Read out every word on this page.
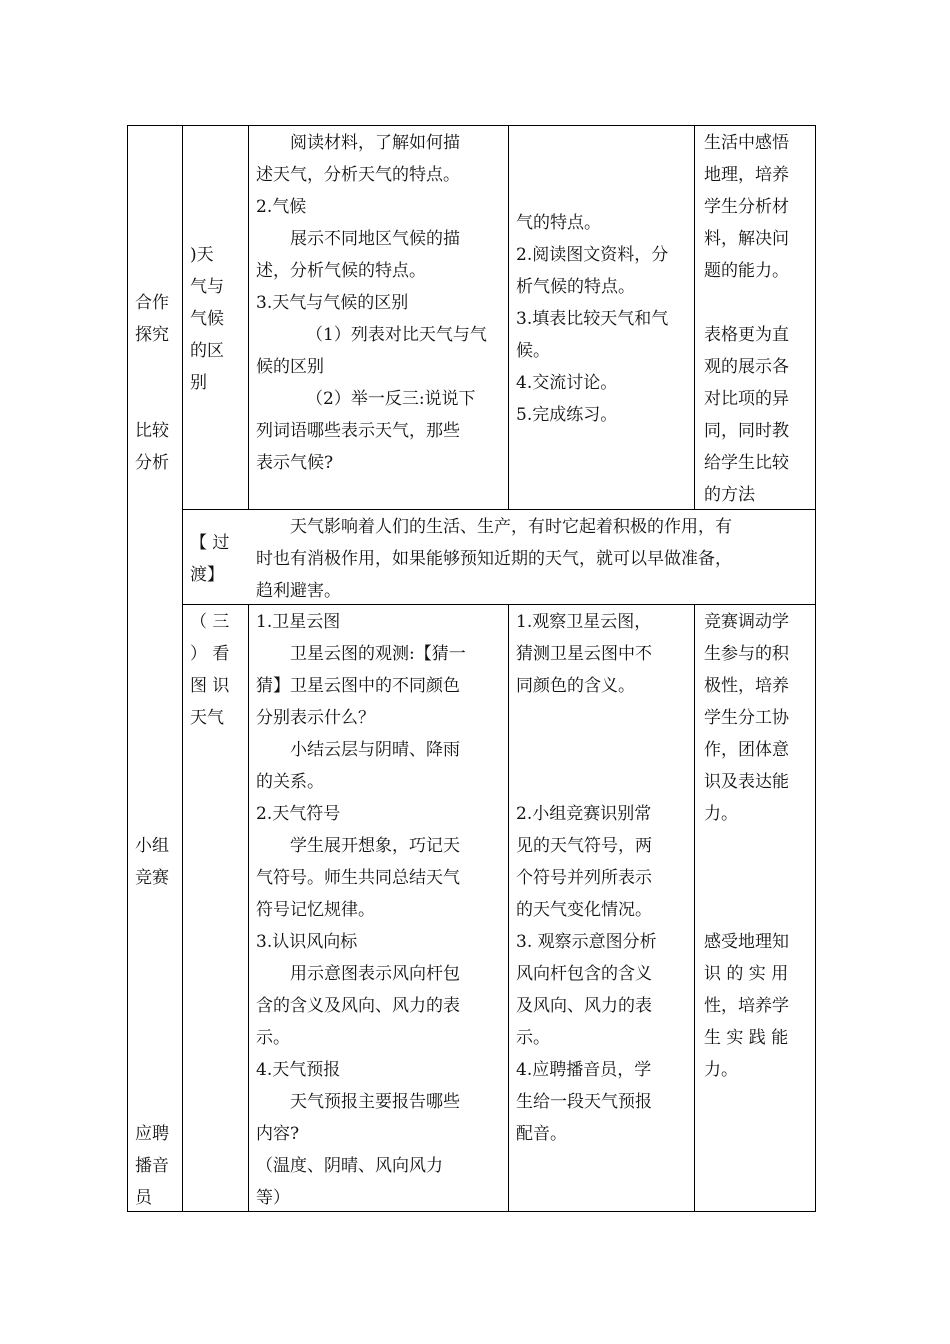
合作

探究

比较

分析

小组

竞赛

应聘

播音

员

)天

气与

气候

的区

别

阅读材料，了解如何描

述天气，分析天气的特点。

2.气候

展示不同地区气候的描

述，分析气候的特点。

3.天气与气候的区别

（1）列表对比天气与气

候的区别

（2）举一反三:说说下

列词语哪些表示天气，那些

表示气候?

气的特点。

2.阅读图文资料，分

析气候的特点。

3.填表比较天气和气

候。

4.交流讨论。

5.完成练习。

生活中感悟

地理，培养

学生分析材

料，解决问

题的能力。

表格更为直

观的展示各

对比项的异

同，同时教

给学生比较

的方法

【 过

渡】

天气影响着人们的生活、生产，有时它起着积极的作用，有

时也有消极作用，如果能够预知近期的天气，就可以早做准备，

趋利避害。

（ 三

） 看

图 识

天气

1.卫星云图

卫星云图的观测:【猜一

猜】卫星云图中的不同颜色

分别表示什么？

小结云层与阴晴、降雨

的关系。

2.天气符号

学生展开想象，巧记天

气符号。师生共同总结天气

符号记忆规律。

3.认识风向标

用示意图表示风向杆包

含的含义及风向、风力的表

示。

4.天气预报

天气预报主要报告哪些

内容?

（温度、阴晴、风向风力

等）

1.观察卫星云图，

猜测卫星云图中不

同颜色的含义。

2.小组竞赛识别常

见的天气符号，两

个符号并列所表示

的天气变化情况。

3. 观察示意图分析

风向杆包含的含义

及风向、风力的表

示。

4.应聘播音员，学

生给一段天气预报

配音。

竞赛调动学

生参与的积

极性，培养

学生分工协

作，团体意

识及表达能

力。

感受地理知

识 的 实 用

性，培养学

生 实 践 能

力。
